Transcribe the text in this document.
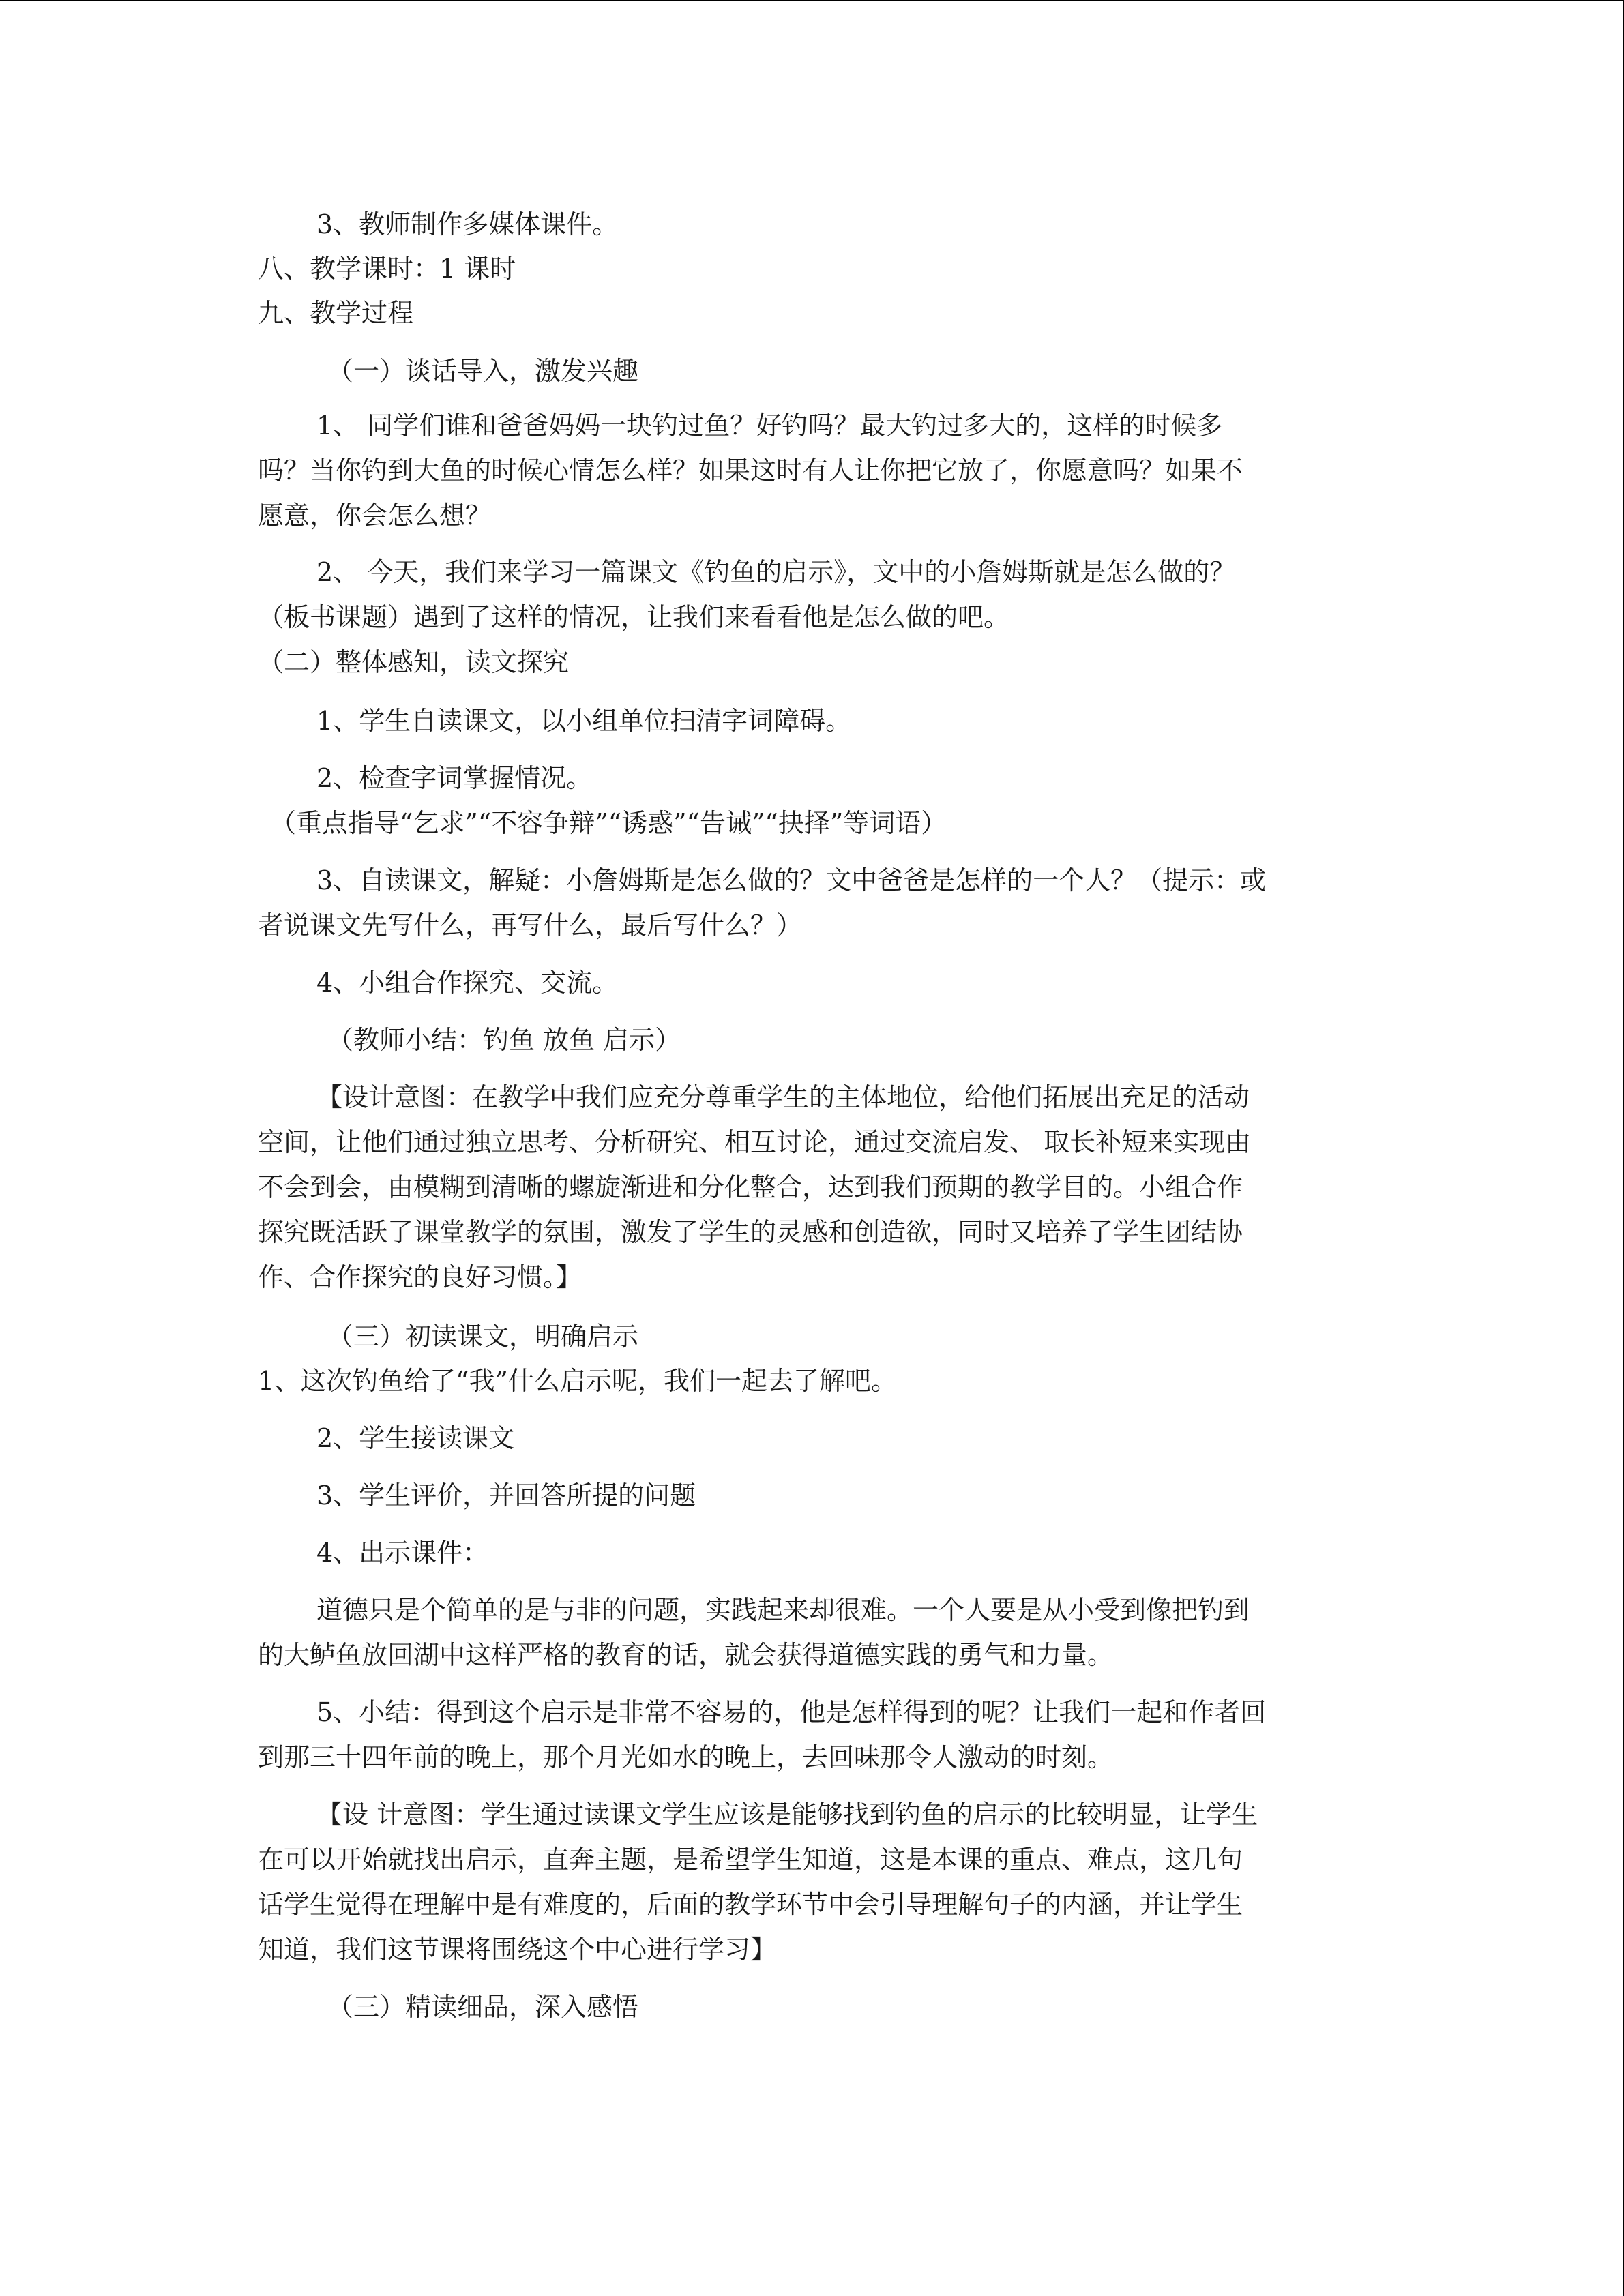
3、教师制作多媒体课件。
八、教学课时：1 课时
九、教学过程
（一）谈话导入，激发兴趣
1、 同学们谁和爸爸妈妈一块钓过鱼？好钓吗？最大钓过多大的，这样的时候多
吗？当你钓到大鱼的时候心情怎么样？如果这时有人让你把它放了，你愿意吗？如果不
愿意，你会怎么想？
2、 今天，我们来学习一篇课文《钓鱼的启示》，文中的小詹姆斯就是怎么做的？
（板书课题）遇到了这样的情况，让我们来看看他是怎么做的吧。
（二）整体感知，读文探究
1、学生自读课文，以小组单位扫清字词障碍。
2、检查字词掌握情况。
（重点指导“乞求”“不容争辩”“诱惑”“告诫”“抉择”等词语）
3、自读课文，解疑：小詹姆斯是怎么做的？文中爸爸是怎样的一个人？（提示：或
者说课文先写什么，再写什么，最后写什么？）
4、小组合作探究、交流。
（教师小结：钓鱼 放鱼 启示）
【设计意图：在教学中我们应充分尊重学生的主体地位，给他们拓展出充足的活动
空间，让他们通过独立思考、分析研究、相互讨论，通过交流启发、 取长补短来实现由
不会到会，由模糊到清晰的螺旋渐进和分化整合，达到我们预期的教学目的。小组合作
探究既活跃了课堂教学的氛围，激发了学生的灵感和创造欲，同时又培养了学生团结协
作、合作探究的良好习惯。】
（三）初读课文，明确启示
1、这次钓鱼给了“我”什么启示呢，我们一起去了解吧。
2、学生接读课文
3、学生评价，并回答所提的问题
4、出示课件：
道德只是个简单的是与非的问题，实践起来却很难。一个人要是从小受到像把钓到
的大鲈鱼放回湖中这样严格的教育的话，就会获得道德实践的勇气和力量。
5、小结：得到这个启示是非常不容易的，他是怎样得到的呢？让我们一起和作者回
到那三十四年前的晚上，那个月光如水的晚上，去回味那令人激动的时刻。
【设 计意图：学生通过读课文学生应该是能够找到钓鱼的启示的比较明显，让学生
在可以开始就找出启示，直奔主题，是希望学生知道，这是本课的重点、难点，这几句
话学生觉得在理解中是有难度的，后面的教学环节中会引导理解句子的内涵，并让学生
知道，我们这节课将围绕这个中心进行学习】
（三）精读细品，深入感悟
